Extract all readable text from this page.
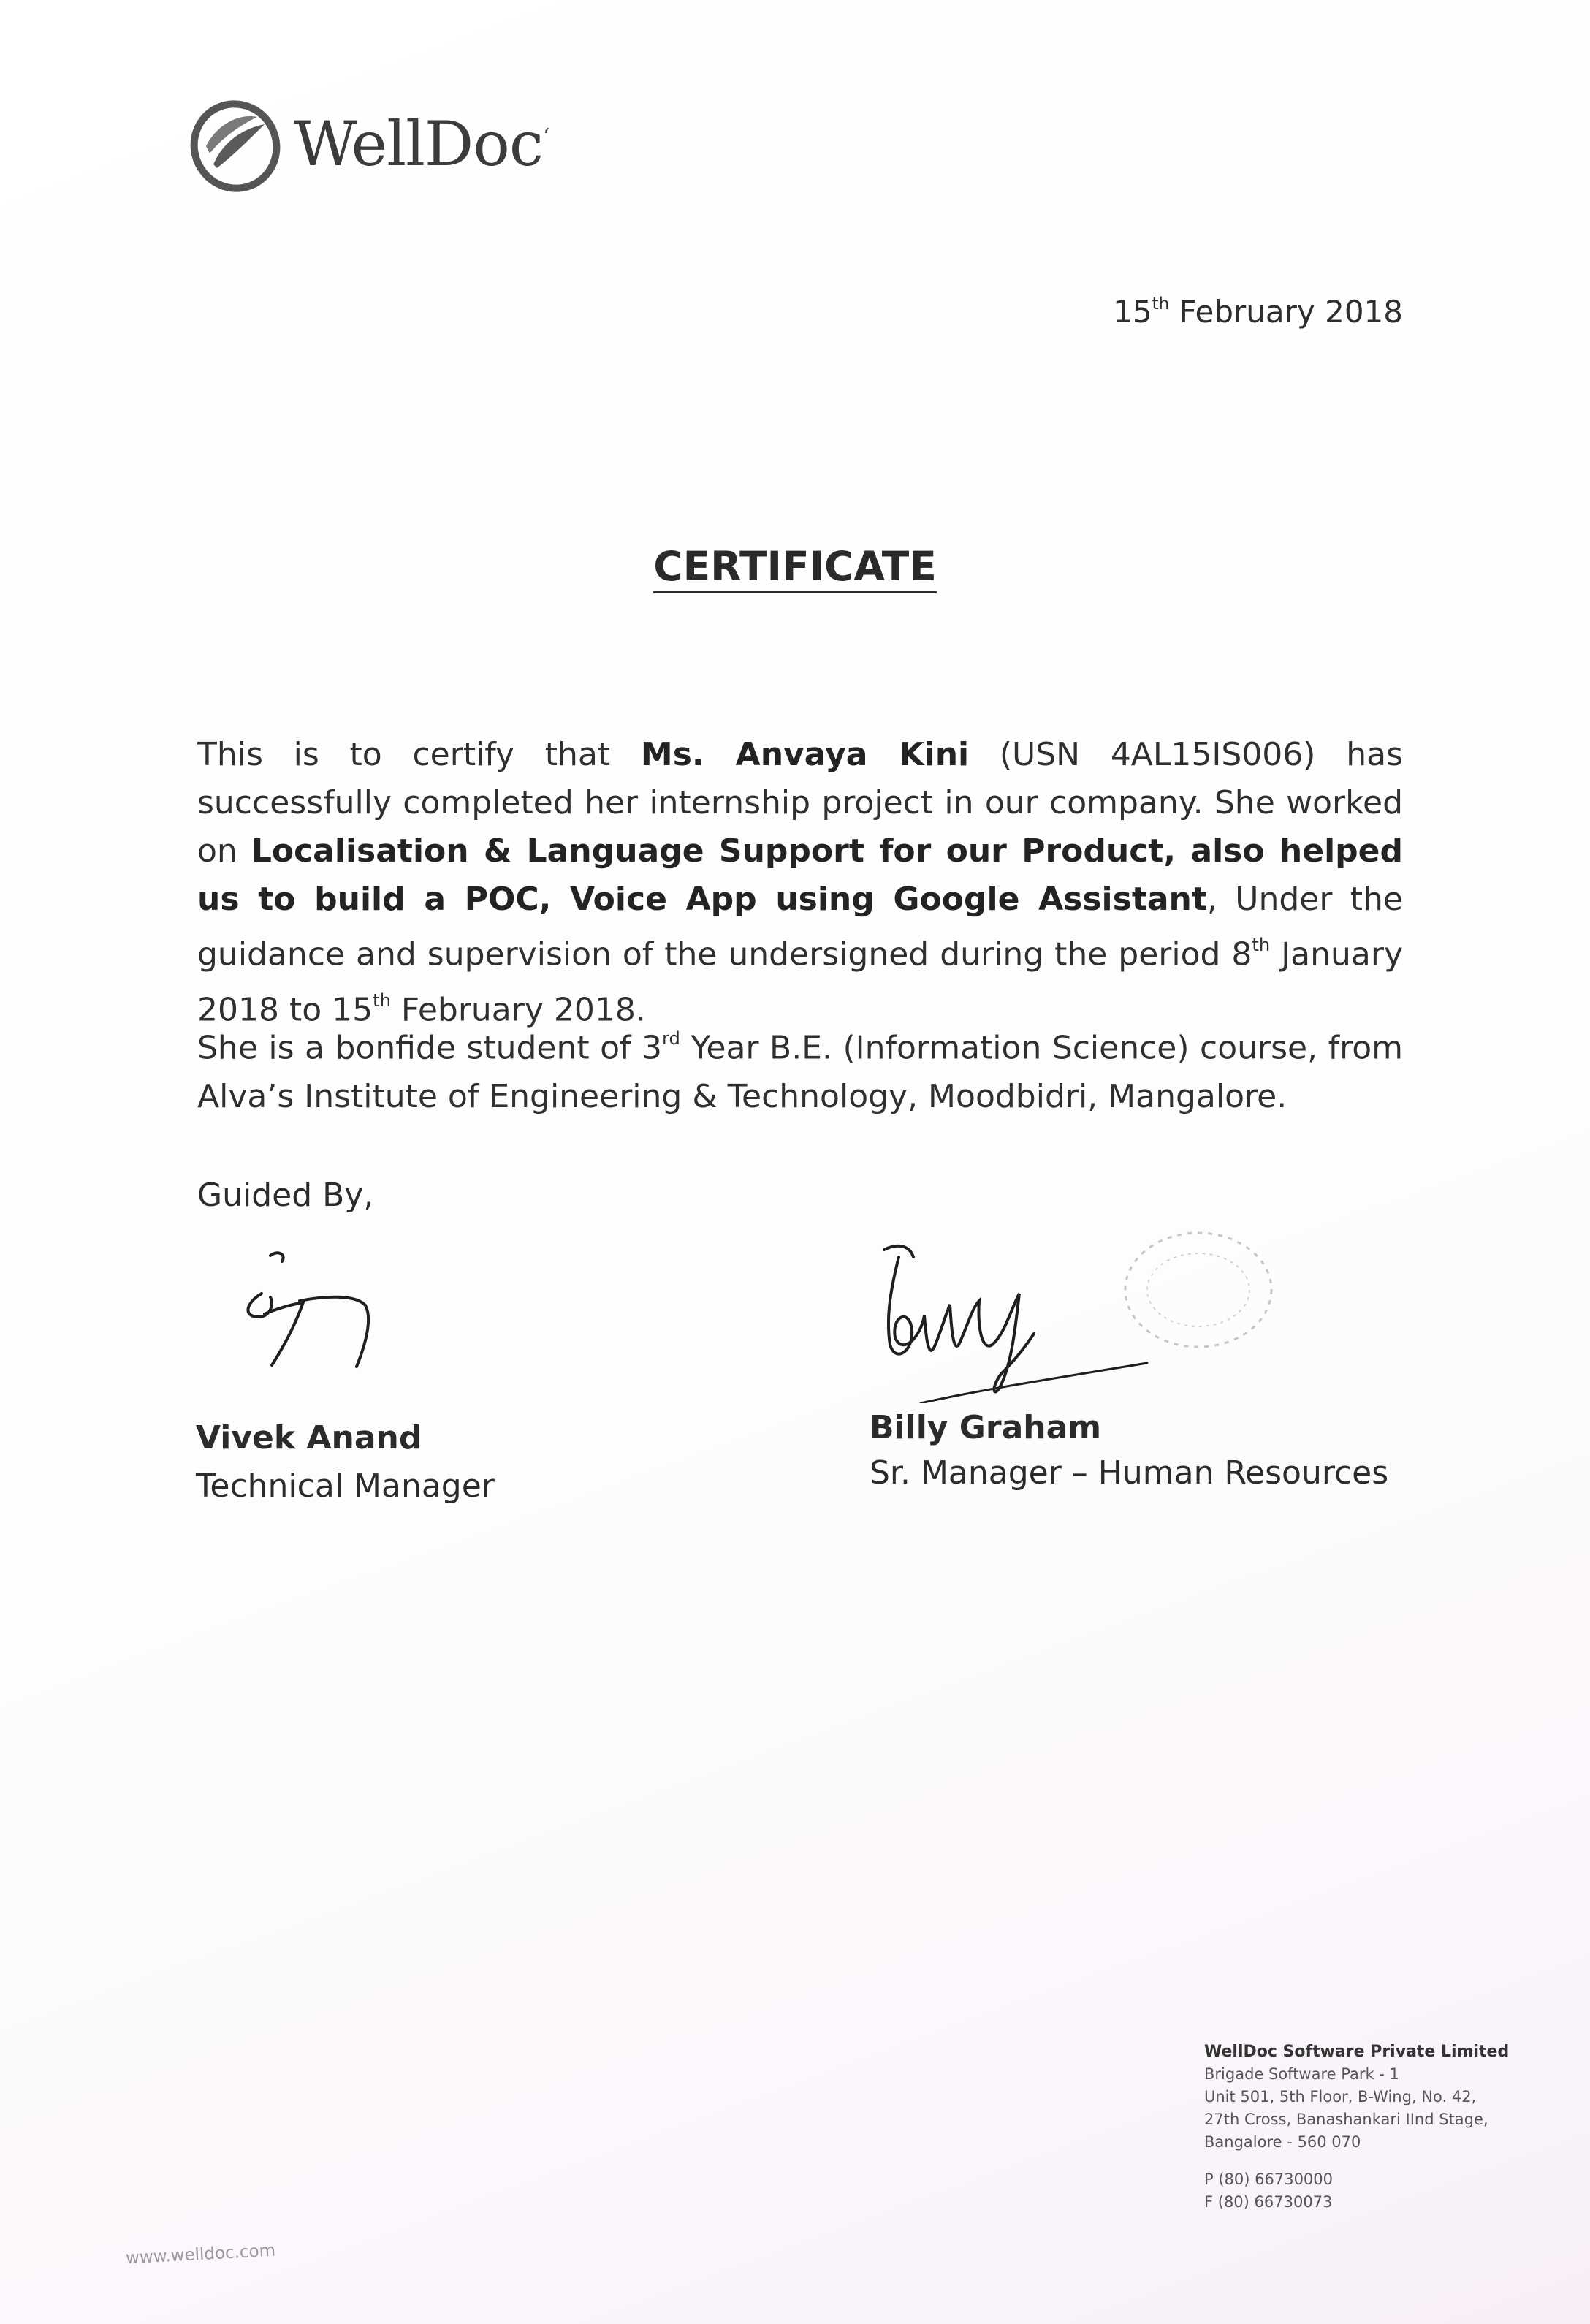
WellDoc‘
15th February 2018
CERTIFICATE

This is to certify that Ms. Anvaya Kini (USN 4AL15IS006) has successfully completed her internship project in our company. She worked on Localisation & Language Support for our Product, also helped us to build a POC, Voice App using Google Assistant, Under the guidance and supervision of the undersigned during the period 8th January 2018 to 15th February 2018.

She is a bonfide student of 3rd Year B.E. (Information Science) course, from Alva’s Institute of Engineering & Technology, Moodbidri, Mangalore.

Guided By,
Vivek Anand
Technical Manager
Billy Graham
Sr. Manager – Human Resources
WellDoc Software Private Limited
Brigade Software Park - 1
Unit 501, 5th Floor, B-Wing, No. 42,
27th Cross, Banashankari IInd Stage,
Bangalore - 560 070
P (80) 66730000
F (80) 66730073
www.welldoc.com
